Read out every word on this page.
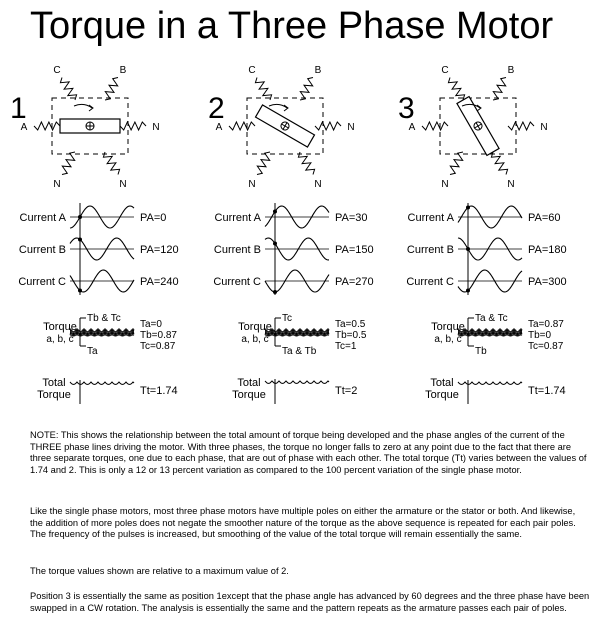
Torque in a Three Phase Motor
1
A	N
B
C
N	N
Current A
Current B
Current C
Torque
a, b, c
Total
Torque
PA=0
PA=120
PA=240
Tb & Tc
Ta
Ta=0
Tb=0.87
Tc=0.87
Tt=1.74
2
A	N
B
C
N	N
Current A
Current B
Current C
Torque
a, b, c
Total
Torque
PA=30
PA=150
PA=270
Tc
Ta & Tb
Ta=0.5
Tb=0.5
Tc=1
Tt=2
3
A	N
B
C
N	N
Current A
Current B
Current C
Torque
a, b, c
Total
Torque
PA=60
PA=180
PA=300
Ta & Tc
Tb
Ta=0.87
Tb=0
Tc=0.87
Tt=1.74

NOTE: This shows the relationship between the total amount of torque being developed and the phase angles of the current of the THREE phase lines driving the motor. With three phases, the torque no longer falls to zero at any point due to the fact that there are three separate torques, one due to each phase, that are out of phase with each other. The total torque (Tt) varies between the values of 1.74 and 2. This is only a 12 or 13 percent variation as compared to the 100 percent variation of the single phase motor.

Like the single phase motors, most three phase motors have multiple poles on either the armature or the stator or both. And likewise, the addition of more poles does not negate the smoother nature of the torque as the above sequence is repeated for each pair poles. The frequency of the pulses is increased, but smoothing of the value of the total torque will remain essentially the same.

The torque values shown are relative to a maximum value of 2.

Position 3 is essentially the same as position 1except that the phase angle has advanced by 60 degrees and the three phase have been swapped in a CW rotation. The analysis is essentially the same and the pattern repeats as the armature passes each pair of poles.
